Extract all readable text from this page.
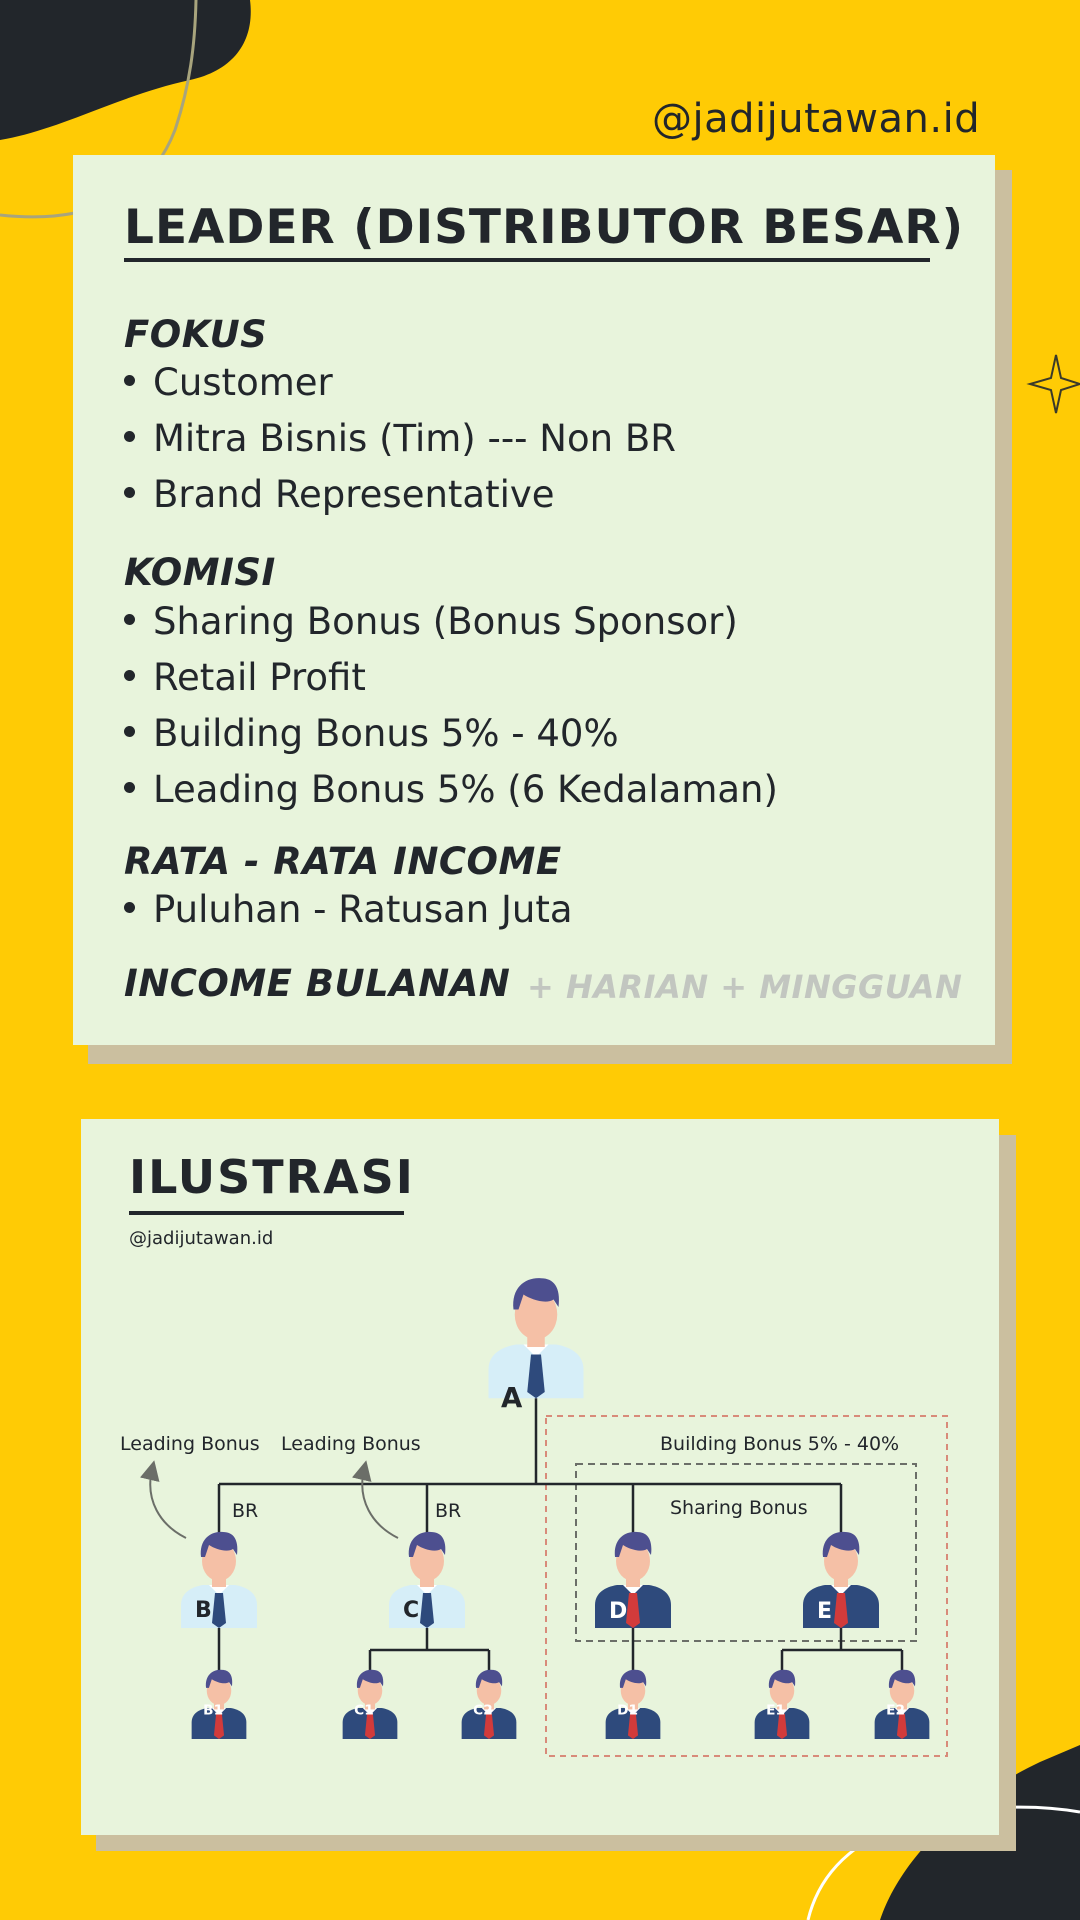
@jadijutawan.id
LEADER (DISTRIBUTOR BESAR)
FOKUS
Customer
Mitra Bisnis (Tim) --- Non BR
Brand Representative
KOMISI
Sharing Bonus (Bonus Sponsor)
Retail Profit
Building Bonus 5% - 40%
Leading Bonus 5% (6 Kedalaman)
RATA - RATA INCOME
Puluhan - Ratusan Juta
INCOME BULANAN + HARIAN + MINGGUAN
ILUSTRASI
@jadijutawan.id
Leading Bonus Leading Bonus
BR	BR
Building Bonus 5% - 40%
Sharing Bonus
A
B	C	D	E
B1	C1	C2	D1	E1	E2
